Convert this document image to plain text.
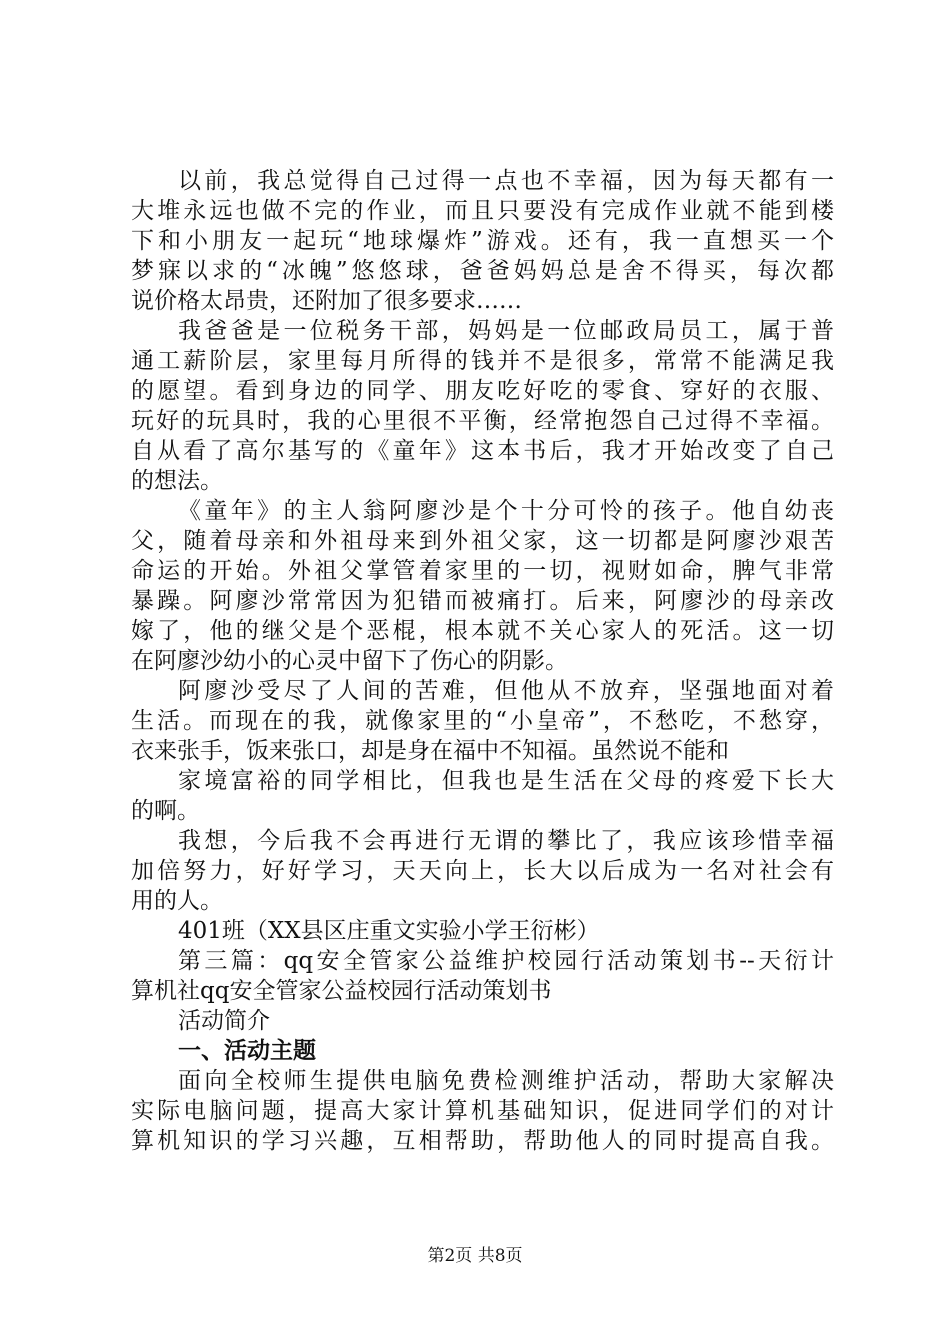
以前，我总觉得自己过得一点也不幸福，因为每天都有一
大堆永远也做不完的作业，而且只要没有完成作业就不能到楼
下和小朋友一起玩“地球爆炸”游戏。还有，我一直想买一个
梦寐以求的“冰魄”悠悠球，爸爸妈妈总是舍不得买，每次都
说价格太昂贵，还附加了很多要求……
我爸爸是一位税务干部，妈妈是一位邮政局员工，属于普
通工薪阶层，家里每月所得的钱并不是很多，常常不能满足我
的愿望。看到身边的同学、朋友吃好吃的零食、穿好的衣服、
玩好的玩具时，我的心里很不平衡，经常抱怨自己过得不幸福。
自从看了高尔基写的《童年》这本书后，我才开始改变了自己
的想法。
《童年》的主人翁阿廖沙是个十分可怜的孩子。他自幼丧
父，随着母亲和外祖母来到外祖父家，这一切都是阿廖沙艰苦
命运的开始。外祖父掌管着家里的一切，视财如命，脾气非常
暴躁。阿廖沙常常因为犯错而被痛打。后来，阿廖沙的母亲改
嫁了，他的继父是个恶棍，根本就不关心家人的死活。这一切
在阿廖沙幼小的心灵中留下了伤心的阴影。
阿廖沙受尽了人间的苦难，但他从不放弃，坚强地面对着
生活。而现在的我，就像家里的“小皇帝”，不愁吃，不愁穿，
衣来张手，饭来张口，却是身在福中不知福。虽然说不能和
家境富裕的同学相比，但我也是生活在父母的疼爱下长大
的啊。
我想，今后我不会再进行无谓的攀比了，我应该珍惜幸福
加倍努力，好好学习，天天向上，长大以后成为一名对社会有
用的人。
401班（XX县区庄重文实验小学王衍彬）
第三篇：qq安全管家公益维护校园行活动策划书--天衍计
算机社qq安全管家公益校园行活动策划书
活动简介
一、活动主题
面向全校师生提供电脑免费检测维护活动，帮助大家解决
实际电脑问题，提高大家计算机基础知识，促进同学们的对计
算机知识的学习兴趣，互相帮助，帮助他人的同时提高自我。
第2页 共8页
